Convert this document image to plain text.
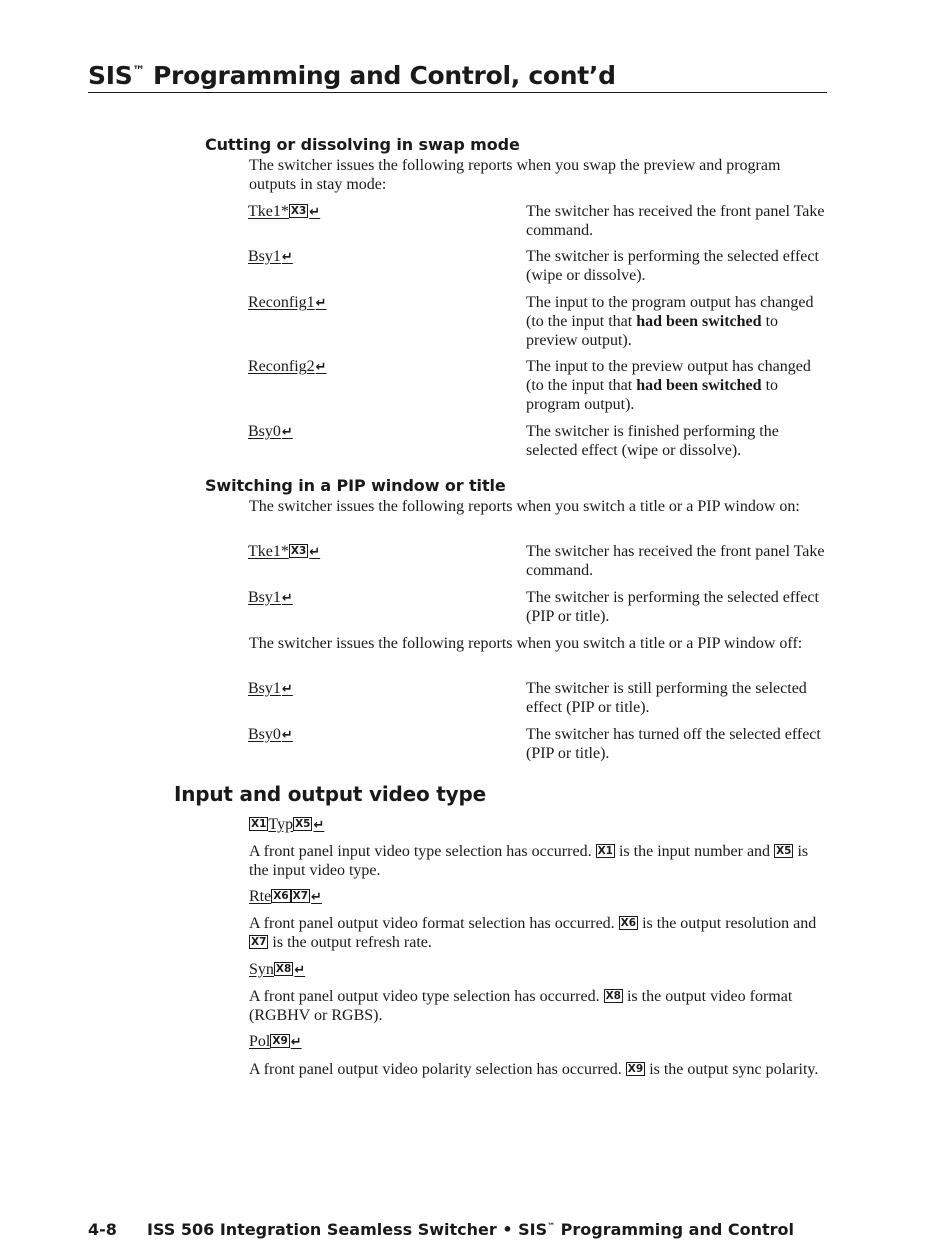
SIS™ Programming and Control, cont’d
Cutting or dissolving in swap mode

The switcher issues the following reports when you swap the preview and program outputs in stay mode:

Tke1* X3 ↵	The switcher has received the front panel Take command.

Bsy1↵	The switcher is performing the selected effect (wipe or dissolve).

Reconfig1↵	The input to the program output has changed (to the input that had been switched to preview output).

Reconfig2↵	The input to the preview output has changed (to the input that had been switched to program output).

Bsy0↵	The switcher is finished performing the selected effect (wipe or dissolve).

Switching in a PIP window or title

The switcher issues the following reports when you switch a title or a PIP window on:

Tke1* X3 ↵	The switcher has received the front panel Take command.

Bsy1↵	The switcher is performing the selected effect (PIP or title).

The switcher issues the following reports when you switch a title or a PIP window off:

Bsy1↵	The switcher is still performing the selected effect (PIP or title).

Bsy0↵	The switcher has turned off the selected effect (PIP or title).

Input and output video type
X1 Typ X5 ↵

A front panel input video type selection has occurred. X1 is the input number and X5 is the input video type.

Rte X6 X7 ↵

A front panel output video format selection has occurred. X6 is the output resolution and X7 is the output refresh rate.

Syn X8 ↵

A front panel output video type selection has occurred. X8 is the output video format (RGBHV or RGBS).

Pol X9 ↵

A front panel output video polarity selection has occurred. X9 is the output sync polarity.

4-8 ISS 506 Integration Seamless Switcher • SIS™ Programming and Control
